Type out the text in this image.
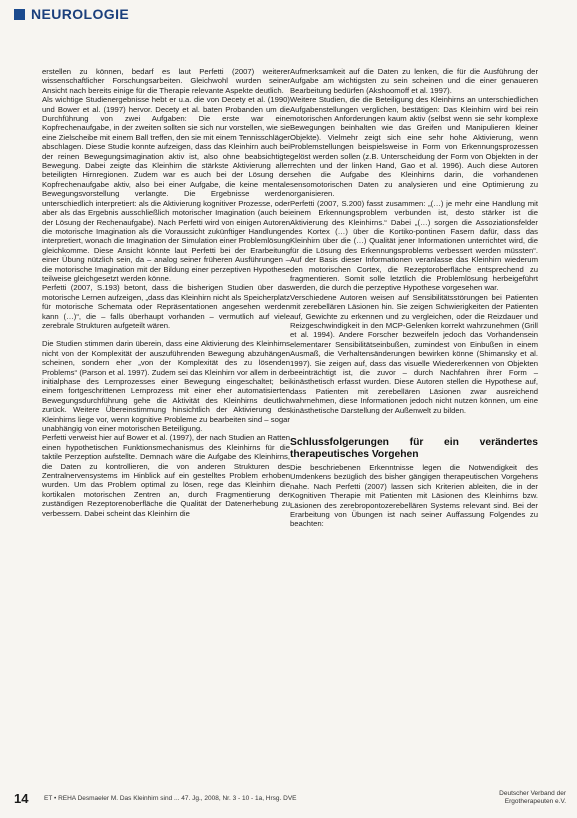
NEUROLOGIE

erstellen zu können, bedarf es laut Perfetti (2007) weiterer wissenschaftlicher Forschungsarbeiten. Gleichwohl wurden seiner Ansicht nach bereits einige für die Therapie relevante Aspekte deutlich.

Als wichtige Studienergebnisse hebt er u.a. die von Decety et al. (1990) und Bower et al. (1997) hervor. Decety et al. baten Probanden um die Durchführung von zwei Aufgaben: Die erste war eine Kopfrechenaufgabe, in der zweiten sollten sie sich nur vorstellen, wie sie eine Zielscheibe mit einem Ball treffen, den sie mit einem Tennisschläger abschlagen. Diese Studie konnte aufzeigen, dass das Kleinhirn auch bei der reinen Bewegungsimagination aktiv ist, also ohne beabsichtigte Bewegung. Dabei zeigte das Kleinhirn die stärkste Aktivierung aller beteiligten Hirnregionen. Zudem war es auch bei der Lösung der Kopfrechenaufgabe aktiv, also bei einer Aufgabe, die keine mentale Bewegungsvorstellung verlangte. Die Ergebnisse werden unterschiedlich interpretiert: als die Aktivierung kognitiver Prozesse, oder aber als das Ergebnis ausschließlich motorischer Imagination (auch bei der Lösung der Rechenaufgabe). Nach Perfetti wird von einigen Autoren die motorische Imagination als die Voraussicht zukünftiger Handlungen interpretiert, wonach die Imagination der Simulation einer Problemlösung gleichkomme. Diese Ansicht könnte laut Perfetti bei der Erarbeitung einer Übung nützlich sein, da – analog seiner früheren Ausführungen – die motorische Imagination mit der Bildung einer perzeptiven Hypothese teilweise gleichgesetzt werden könne.

Perfetti (2007, S.193) betont, dass die bisherigen Studien über das motorische Lernen aufzeigen, „dass das Kleinhirn nicht als Speicherplatz für motorische Schemata oder Repräsentationen angesehen werden kann (…)“, die – falls überhaupt vorhanden – vermutlich auf viele zerebrale Strukturen aufgeteilt wären.

Die Studien stimmen darin überein, dass eine Aktivierung des Kleinhirns nicht von der Komplexität der auszuführenden Bewegung abzuhängen scheinen, sondern eher „von der Komplexität des zu lösenden Problems“ (Parson et al. 1997). Zudem sei das Kleinhirn vor allem in der initialphase des Lernprozesses einer Bewegung eingeschaltet; bei einem fortgeschrittenen Lernprozess mit einer eher automatisierten Bewegungsdurchführung gehe die Aktivität des Kleinhirns deutlich zurück. Weitere Übereinstimmung hinsichtlich der Aktivierung des Kleinhirns liege vor, wenn kognitive Probleme zu bearbeiten sind – sogar unabhängig von einer motorischen Beteiligung.

Perfetti verweist hier auf Bower et al. (1997), der nach Studien an Ratten einen hypothetischen Funktionsmechanismus des Kleinhirns für die taktile Perzeption aufstellte. Demnach wäre die Aufgabe des Kleinhirns, die Daten zu kontrollieren, die von anderen Strukturen des Zentralnervensystems im Hinblick auf ein gestelltes Problem erhoben wurden. Um das Problem optimal zu lösen, rege das Kleinhirn die kortikalen motorischen Zentren an, durch Fragmentierung der zuständigen Rezeptorenoberfläche die Qualität der Datenerhebung zu verbessern. Dabei scheint das Kleinhirn die

Aufmerksamkeit auf die Daten zu lenken, die für die Ausführung der Aufgabe am wichtigsten zu sein scheinen und die einer genaueren Bearbeitung bedürfen (Akshoomoff et al. 1997).

Weitere Studien, die die Beteiligung des Kleinhirns an unterschiedlichen Aufgabenstellungen verglichen, bestätigen: Das Kleinhirn wird bei rein motorischen Anforderungen kaum aktiv (selbst wenn sie sehr komplexe Bewegungen beinhalten wie das Greifen und Manipulieren kleiner Objekte). Vielmehr zeigt sich eine sehr hohe Aktivierung, wenn Problemstellungen beispielsweise in Form von Erkennungsprozessen gelöst werden sollen (z.B. Unterscheidung der Form von Objekten in der rechten und der linken Hand, Gao et al. 1996). Auch diese Autoren sehen die Aufgabe des Kleinhirns darin, die vorhandenen sensomotorischen Daten zu analysieren und eine Optimierung zu organisieren.

Perfetti (2007, S.200) fasst zusammen: „(…) je mehr eine Handlung mit einem Erkennungsproblem verbunden ist, desto stärker ist die Aktivierung des Kleinhirns.“ Dabei „(…) sorgen die Assoziationsfelder des Kortex (…) über die Kortiko-pontinen Fasern dafür, dass das Kleinhirn über die (…) Qualität jener Informationen unterrichtet wird, die für die Lösung des Erkennungsproblems verbessert werden müssten“. Auf der Basis dieser Informationen veranlasse das Kleinhirn wiederum den motorischen Cortex, die Rezeptoroberfläche entsprechend zu fragmentieren. Somit solle letztlich die Problemlösung herbeigeführt werden, die durch die perzeptive Hypothese vorgesehen war.

Verschiedene Autoren weisen auf Sensibilitätsstörungen bei Patienten mit zerebellären Läsionen hin. Sie zeigen Schwierigkeiten der Patienten auf, Gewichte zu erkennen und zu vergleichen, oder die Reizdauer und Reizgeschwindigkeit in den MCP-Gelenken korrekt wahrzunehmen (Grill et al. 1994). Andere Forscher bezweifeln jedoch das Vorhandensein elementarer Sensibilitätseinbußen, zumindest von Einbußen in einem Ausmaß, die Verhaltensänderungen bewirken könne (Shimansky et al. 1997). Sie zeigen auf, dass das visuelle Wiedererkennen von Objekten beeinträchtigt ist, die zuvor – durch Nachfahren ihrer Form – kinästhetisch erfasst wurden. Diese Autoren stellen die Hypothese auf, dass Patienten mit zerebellären Läsionen zwar ausreichend wahrnehmen, diese Informationen jedoch nicht nutzen können, um eine kinästhetische Darstellung der Außenwelt zu bilden.

Schlussfolgerungen für ein verändertes therapeutisches Vorgehen

Die beschriebenen Erkenntnisse legen die Notwendigkeit des Umdenkens bezüglich des bisher gängigen therapeutischen Vorgehens nahe. Nach Perfetti (2007) lassen sich Kriterien ableiten, die in der Kognitiven Therapie mit Patienten mit Läsionen des Kleinhirns bzw. Läsionen des zerebropontozerebellären Systems relevant sind. Bei der Erarbeitung von Übungen ist nach seiner Auffassung Folgendes zu beachten:

14 ET • REHA Desmaeler M. Das Kleinhirn sind ... 47. Jg., 2008, Nr. 3 - 10 - 1a, Hrsg. DVE
Deutscher Verband der
Ergotherapeuten e.V.
